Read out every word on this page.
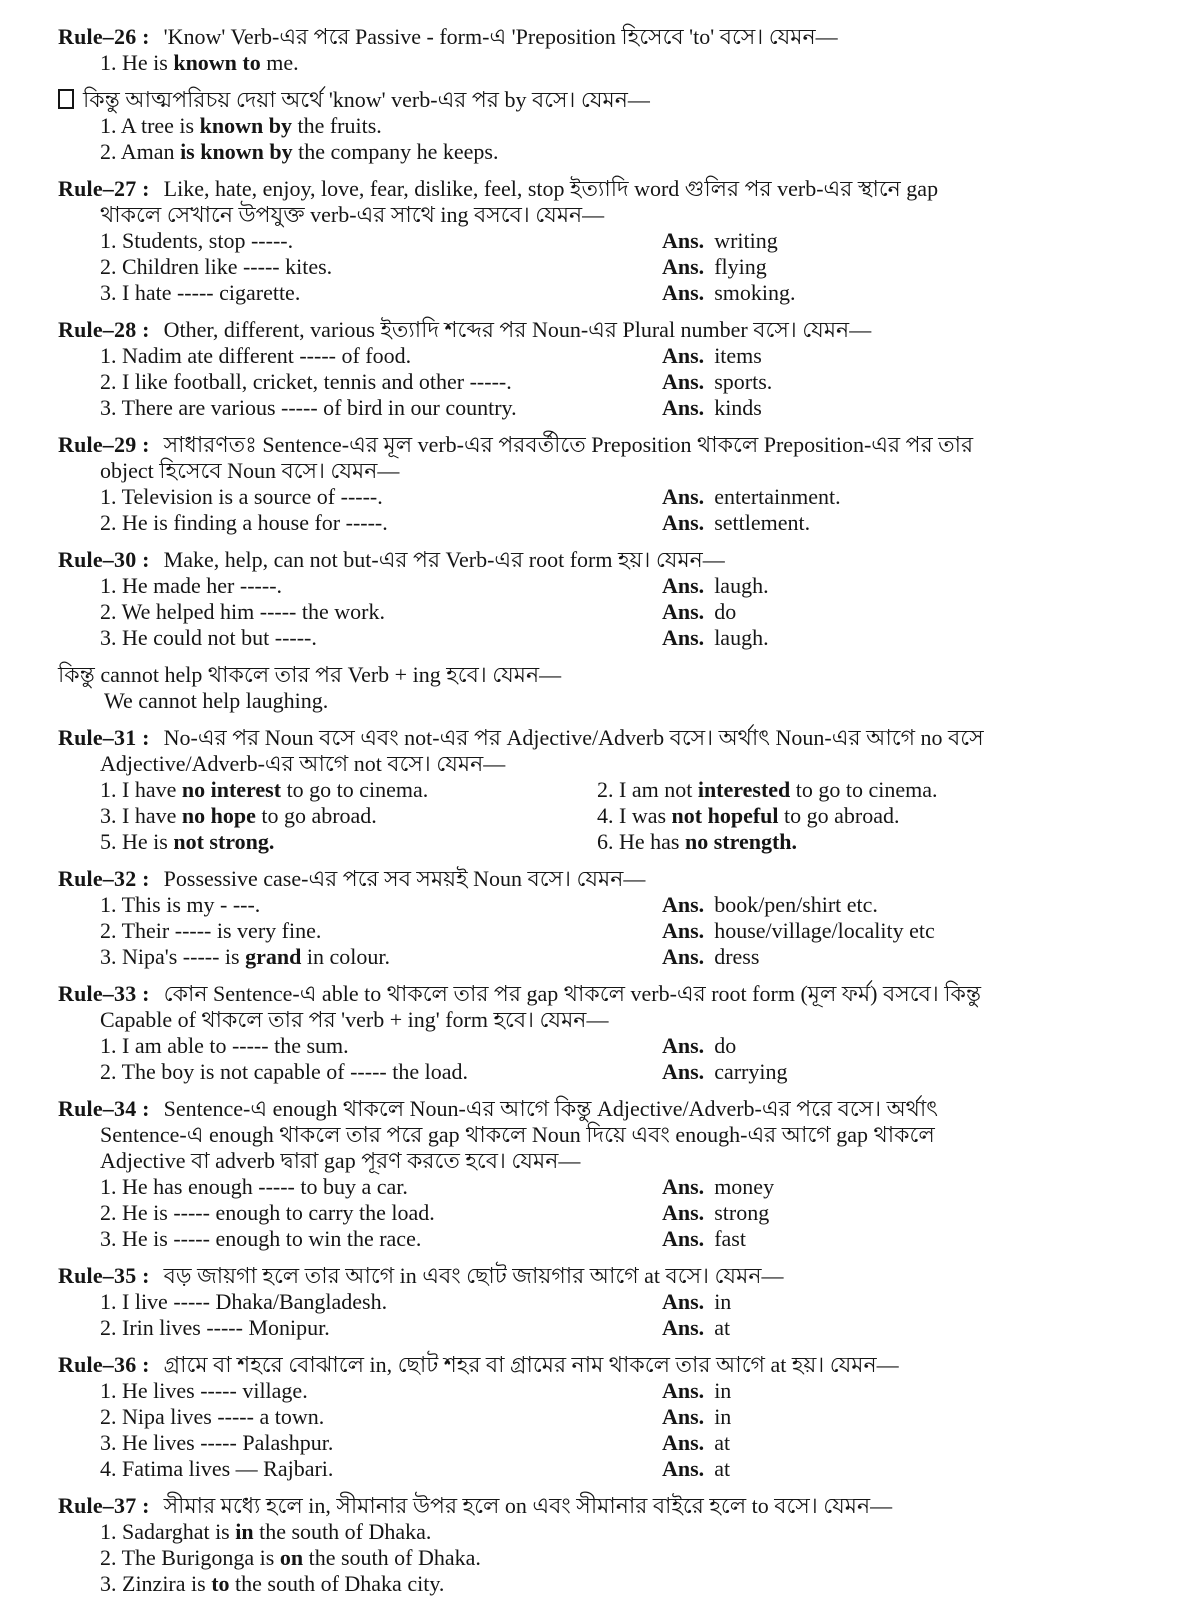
Rule–26 : 'Know' Verb-এর পরে Passive - form-এ 'Preposition হিসেবে 'to' বসে। যেমন—
1. He is known to me.
কিন্তু আত্মপরিচয় দেয়া অর্থে 'know' verb-এর পর by বসে। যেমন—
1. A tree is known by the fruits.
2. Aman is known by the company he keeps.
Rule–27 : Like, hate, enjoy, love, fear, dislike, feel, stop ইত্যাদি word গুলির পর verb-এর স্থানে gap
থাকলে সেখানে উপযুক্ত verb-এর সাথে ing বসবে। যেমন—
1. Students, stop -----.	Ans. writing
2. Children like ----- kites.	Ans. flying
3. I hate ----- cigarette.	Ans. smoking.
Rule–28 : Other, different, various ইত্যাদি শব্দের পর Noun-এর Plural number বসে। যেমন—
1. Nadim ate different ----- of food.	Ans. items
2. I like football, cricket, tennis and other -----.	Ans. sports.
3. There are various ----- of bird in our country.	Ans. kinds
Rule–29 : সাধারণতঃ Sentence-এর মূল verb-এর পরবর্তীতে Preposition থাকলে Preposition-এর পর তার
object হিসেবে Noun বসে। যেমন—
1. Television is a source of -----.	Ans. entertainment.
2. He is finding a house for -----.	Ans. settlement.
Rule–30 : Make, help, can not but-এর পর Verb-এর root form হয়। যেমন—
1. He made her -----.	Ans. laugh.
2. We helped him ----- the work.	Ans. do
3. He could not but -----.	Ans. laugh.
কিন্তু cannot help থাকলে তার পর Verb + ing হবে। যেমন—
We cannot help laughing.
Rule–31 : No-এর পর Noun বসে এবং not-এর পর Adjective/Adverb বসে। অর্থাৎ Noun-এর আগে no বসে
Adjective/Adverb-এর আগে not বসে। যেমন—
1. I have no interest to go to cinema.	2. I am not interested to go to cinema.
3. I have no hope to go abroad.	4. I was not hopeful to go abroad.
5. He is not strong.	6. He has no strength.
Rule–32 : Possessive case-এর পরে সব সময়ই Noun বসে। যেমন—
1. This is my - ---.	Ans. book/pen/shirt etc.
2. Their ----- is very fine.	Ans. house/village/locality etc
3. Nipa's ----- is grand in colour.	Ans. dress
Rule–33 : কোন Sentence-এ able to থাকলে তার পর gap থাকলে verb-এর root form (মূল ফর্ম) বসবে। কিন্তু
Capable of থাকলে তার পর 'verb + ing' form হবে। যেমন—
1. I am able to ----- the sum.	Ans. do
2. The boy is not capable of ----- the load.	Ans. carrying
Rule–34 : Sentence-এ enough থাকলে Noun-এর আগে কিন্তু Adjective/Adverb-এর পরে বসে। অর্থাৎ
Sentence-এ enough থাকলে তার পরে gap থাকলে Noun দিয়ে এবং enough-এর আগে gap থাকলে
Adjective বা adverb দ্বারা gap পূরণ করতে হবে। যেমন—
1. He has enough ----- to buy a car.	Ans. money
2. He is ----- enough to carry the load.	Ans. strong
3. He is ----- enough to win the race.	Ans. fast
Rule–35 : বড় জায়গা হলে তার আগে in এবং ছোট জায়গার আগে at বসে। যেমন—
1. I live ----- Dhaka/Bangladesh.	Ans. in
2. Irin lives ----- Monipur.	Ans. at
Rule–36 : গ্রামে বা শহরে বোঝালে in, ছোট শহর বা গ্রামের নাম থাকলে তার আগে at হয়। যেমন—
1. He lives ----- village.	Ans. in
2. Nipa lives ----- a town.	Ans. in
3. He lives ----- Palashpur.	Ans. at
4. Fatima lives — Rajbari.	Ans. at
Rule–37 : সীমার মধ্যে হলে in, সীমানার উপর হলে on এবং সীমানার বাইরে হলে to বসে। যেমন—
1. Sadarghat is in the south of Dhaka.
2. The Burigonga is on the south of Dhaka.
3. Zinzira is to the south of Dhaka city.
